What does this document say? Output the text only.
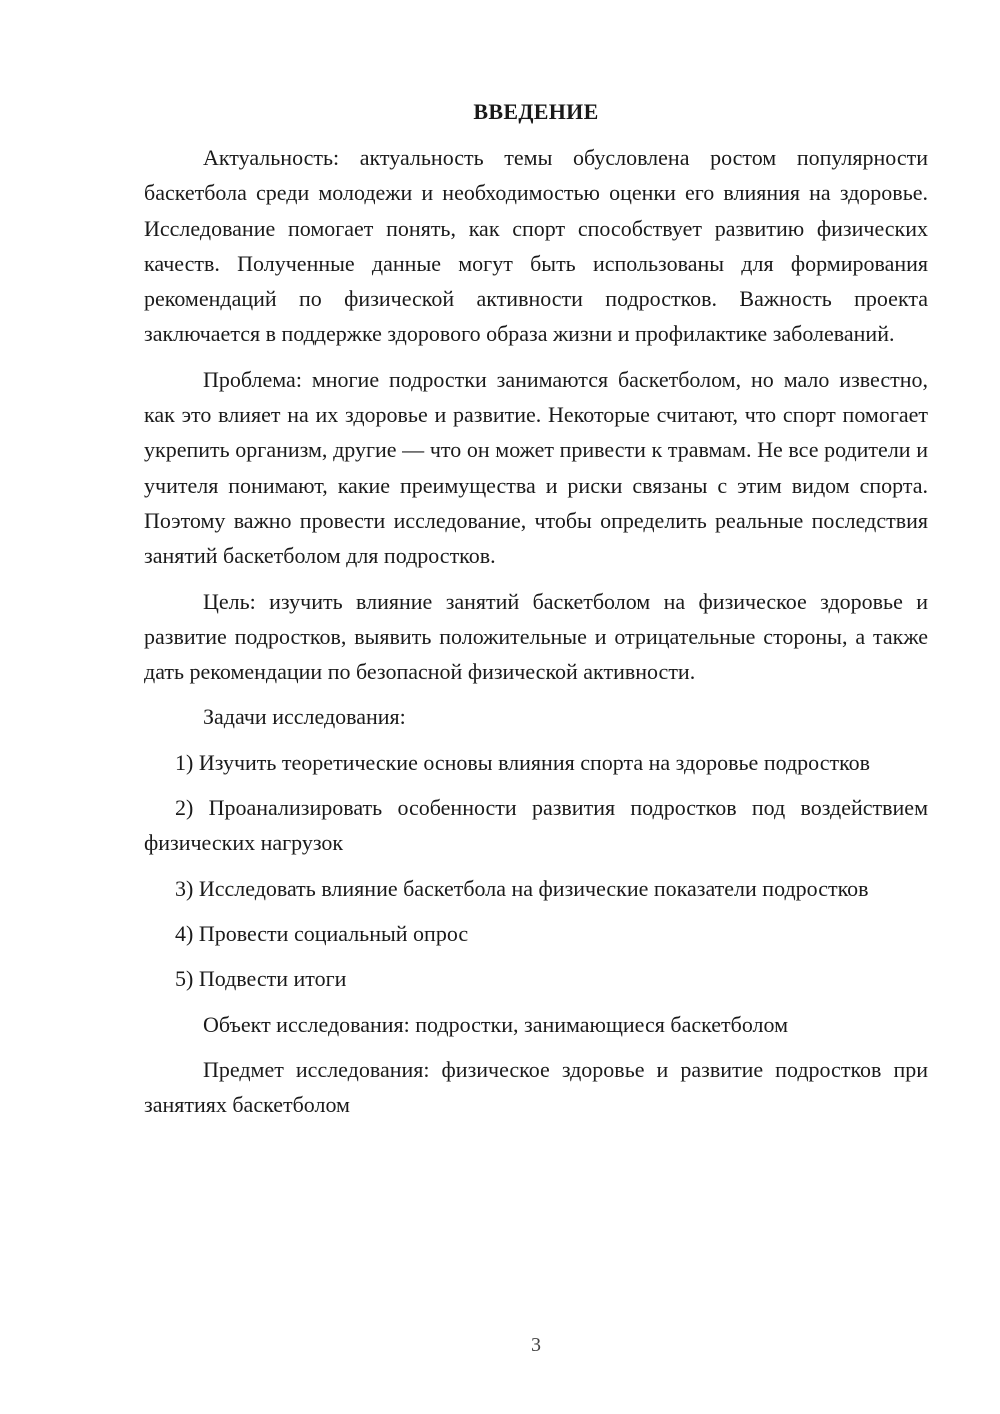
ВВЕДЕНИЕ

Актуальность: актуальность темы обусловлена ростом популярности баскетбола среди молодежи и необходимостью оценки его влияния на здоровье. Исследование помогает понять, как спорт способствует развитию физических качеств. Полученные данные могут быть использованы для формирования рекомендаций по физической активности подростков. Важность проекта заключается в поддержке здорового образа жизни и профилактике заболеваний.

Проблема: многие подростки занимаются баскетболом, но мало известно, как это влияет на их здоровье и развитие. Некоторые считают, что спорт помогает укрепить организм, другие — что он может привести к травмам. Не все родители и учителя понимают, какие преимущества и риски связаны с этим видом спорта. Поэтому важно провести исследование, чтобы определить реальные последствия занятий баскетболом для подростков.

Цель: изучить влияние занятий баскетболом на физическое здоровье и развитие подростков, выявить положительные и отрицательные стороны, а также дать рекомендации по безопасной физической активности.

Задачи исследования:

1) Изучить теоретические основы влияния спорта на здоровье подростков

2) Проанализировать особенности развития подростков под воздействием физических нагрузок

3) Исследовать влияние баскетбола на физические показатели подростков

4) Провести социальный опрос

5) Подвести итоги

Объект исследования: подростки, занимающиеся баскетболом

Предмет исследования: физическое здоровье и развитие подростков при занятиях баскетболом

3
